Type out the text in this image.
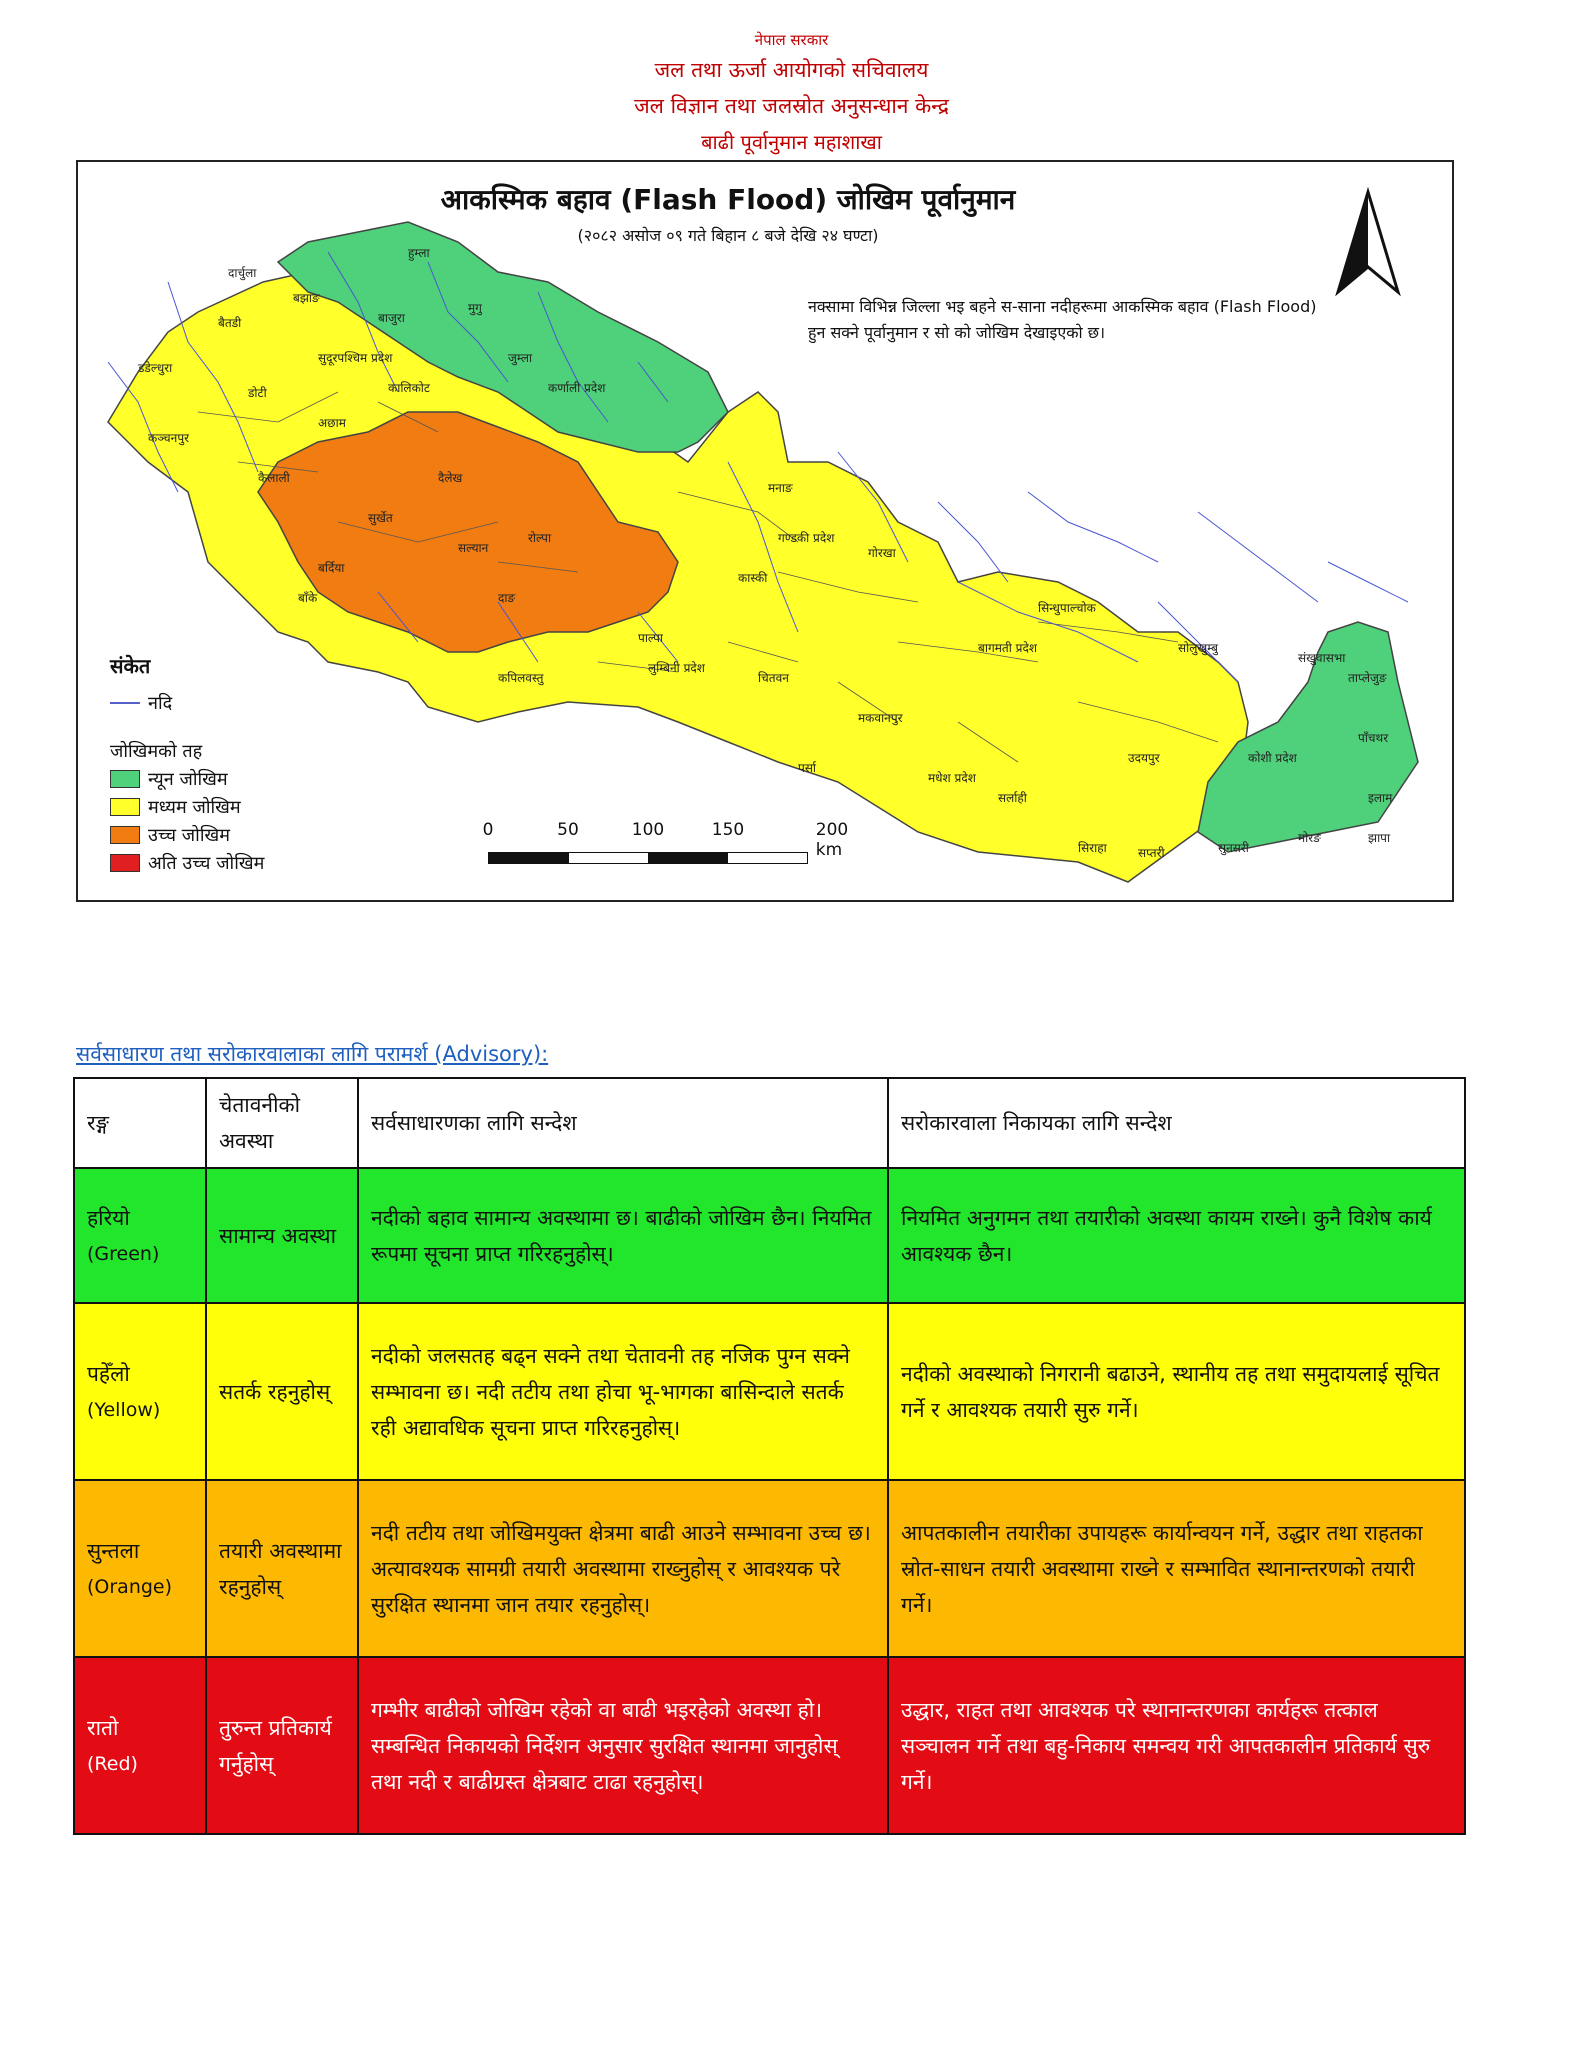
नेपाल सरकार
जल तथा ऊर्जा आयोगको सचिवालय
जल विज्ञान तथा जलस्रोत अनुसन्धान केन्द्र
बाढी पूर्वानुमान महाशाखा
दार्चुला
बझाङ
बैतडी
डडेल्धुरा
सुदूरपश्चिम प्रदेश
बाजुरा
डोटी
अछाम
कैलाली
कञ्चनपुर
हुम्ला
मुगु
जुम्ला
कालिकोट	कर्णाली प्रदेश
दैलेख
सुर्खेत
बर्दिया
बाँके
सल्यान
रोल्पा
दाङ
पाल्पा
लुम्बिनी प्रदेश
कपिलवस्तु
मनाङ
गण्डकी प्रदेश
कास्की
गोरखा
चितवन
बागमती प्रदेश
सिन्धुपाल्चोक
मकवानपुर
पर्सा
मधेश प्रदेश
सर्लाही
सिराहा	सप्तरी
उदयपुर	कोशी प्रदेश
संखुवासभा
ताप्लेजुङ
पाँचथर
इलाम
झापा
मोरङ
सुनसरी
सोलुखुम्बु
आकस्मिक बहाव (Flash Flood) जोखिम पूर्वानुमान
(२०८२ असोज ०९ गते बिहान ८ बजे देखि २४ घण्टा)
नक्सामा विभिन्न जिल्ला भइ बहने स-साना नदीहरूमा आकस्मिक बहाव (Flash Flood) हुन सक्ने पूर्वानुमान र सो को जोखिम देखाइएको छ।
संकेत
नदि
जोखिमको तह
न्यून जोखिम
मध्यम जोखिम
उच्च जोखिम
अति उच्च जोखिम
0	50	100	150	200 km
सर्वसाधारण तथा सरोकारवालाका लागि परामर्श (Advisory):
रङ्ग	चेतावनीको अवस्था	सर्वसाधारणका लागि सन्देश	सरोकारवाला निकायका लागि सन्देश
हरियो
(Green)	सामान्य अवस्था	नदीको बहाव सामान्य अवस्थामा छ। बाढीको जोखिम छैन। नियमित रूपमा सूचना प्राप्त गरिरहनुहोस्।	नियमित अनुगमन तथा तयारीको अवस्था कायम राख्ने। कुनै विशेष कार्य आवश्यक छैन।
पहेँलो
(Yellow)	सतर्क रहनुहोस्	नदीको जलसतह बढ्न सक्ने तथा चेतावनी तह नजिक पुग्न सक्ने सम्भावना छ। नदी तटीय तथा होचा भू-भागका बासिन्दाले सतर्क रही अद्यावधिक सूचना प्राप्त गरिरहनुहोस्।	नदीको अवस्थाको निगरानी बढाउने, स्थानीय तह तथा समुदायलाई सूचित गर्ने र आवश्यक तयारी सुरु गर्ने।
सुन्तला
(Orange)	तयारी अवस्थामा रहनुहोस्	नदी तटीय तथा जोखिमयुक्त क्षेत्रमा बाढी आउने सम्भावना उच्च छ। अत्यावश्यक सामग्री तयारी अवस्थामा राख्नुहोस् र आवश्यक परे सुरक्षित स्थानमा जान तयार रहनुहोस्।	आपतकालीन तयारीका उपायहरू कार्यान्वयन गर्ने, उद्धार तथा राहतका स्रोत-साधन तयारी अवस्थामा राख्ने र सम्भावित स्थानान्तरणको तयारी गर्ने।
रातो
(Red)	तुरुन्त प्रतिकार्य गर्नुहोस्	गम्भीर बाढीको जोखिम रहेको वा बाढी भइरहेको अवस्था हो। सम्बन्धित निकायको निर्देशन अनुसार सुरक्षित स्थानमा जानुहोस् तथा नदी र बाढीग्रस्त क्षेत्रबाट टाढा रहनुहोस्।	उद्धार, राहत तथा आवश्यक परे स्थानान्तरणका कार्यहरू तत्काल सञ्चालन गर्ने तथा बहु-निकाय समन्वय गरी आपतकालीन प्रतिकार्य सुरु गर्ने।
